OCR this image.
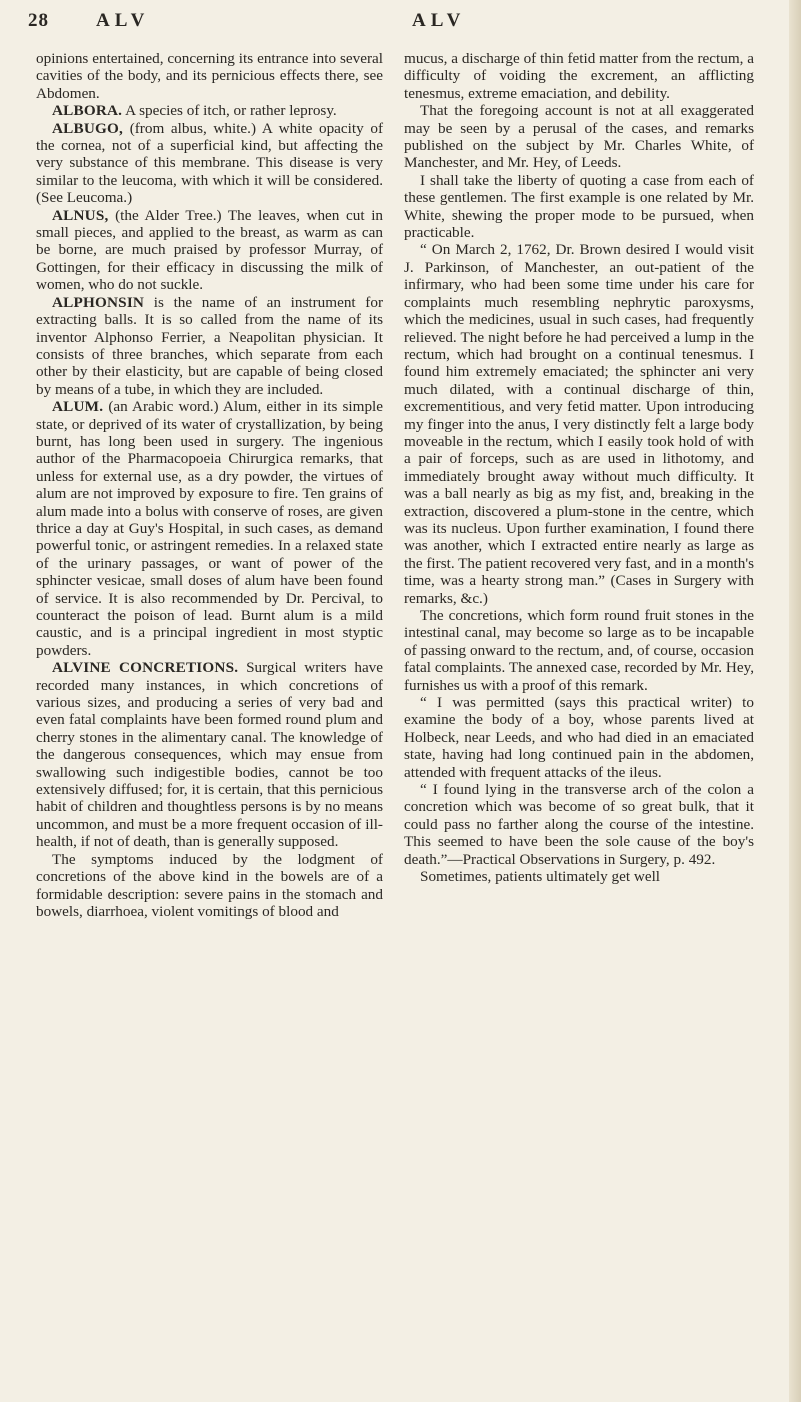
28 ALV	ALV

opinions entertained, concerning its entrance into several cavities of the body, and its pernicious effects there, see Abdomen.

ALBORA. A species of itch, or rather leprosy.

ALBUGO, (from albus, white.) A white opacity of the cornea, not of a superficial kind, but affecting the very substance of this membrane. This disease is very similar to the leucoma, with which it will be considered. (See Leucoma.)

ALNUS, (the Alder Tree.) The leaves, when cut in small pieces, and applied to the breast, as warm as can be borne, are much praised by professor Murray, of Gottingen, for their efficacy in discussing the milk of women, who do not suckle.

ALPHONSIN is the name of an instrument for extracting balls. It is so called from the name of its inventor Alphonso Ferrier, a Neapolitan physician. It consists of three branches, which separate from each other by their elasticity, but are capable of being closed by means of a tube, in which they are included.

ALUM. (an Arabic word.) Alum, either in its simple state, or deprived of its water of crystallization, by being burnt, has long been used in surgery. The ingenious author of the Pharmacopoeia Chirurgica remarks, that unless for external use, as a dry powder, the virtues of alum are not improved by exposure to fire. Ten grains of alum made into a bolus with conserve of roses, are given thrice a day at Guy's Hospital, in such cases, as demand powerful tonic, or astringent remedies. In a relaxed state of the urinary passages, or want of power of the sphincter vesicae, small doses of alum have been found of service. It is also recommended by Dr. Percival, to counteract the poison of lead. Burnt alum is a mild caustic, and is a principal ingredient in most styptic powders.

ALVINE CONCRETIONS. Surgical writers have recorded many instances, in which concretions of various sizes, and producing a series of very bad and even fatal complaints have been formed round plum and cherry stones in the alimentary canal. The knowledge of the dangerous consequences, which may ensue from swallowing such indigestible bodies, cannot be too extensively diffused; for, it is certain, that this pernicious habit of children and thoughtless persons is by no means uncommon, and must be a more frequent occasion of ill-health, if not of death, than is generally supposed.

The symptoms induced by the lodgment of concretions of the above kind in the bowels are of a formidable description: severe pains in the stomach and bowels, diarrhoea, violent vomitings of blood and

mucus, a discharge of thin fetid matter from the rectum, a difficulty of voiding the excrement, an afflicting tenesmus, extreme emaciation, and debility.

That the foregoing account is not at all exaggerated may be seen by a perusal of the cases, and remarks published on the subject by Mr. Charles White, of Manchester, and Mr. Hey, of Leeds.

I shall take the liberty of quoting a case from each of these gentlemen. The first example is one related by Mr. White, shewing the proper mode to be pursued, when practicable.

“ On March 2, 1762, Dr. Brown desired I would visit J. Parkinson, of Manchester, an out-patient of the infirmary, who had been some time under his care for complaints much resembling nephrytic paroxysms, which the medicines, usual in such cases, had frequently relieved. The night before he had perceived a lump in the rectum, which had brought on a continual tenesmus. I found him extremely emaciated; the sphincter ani very much dilated, with a continual discharge of thin, excrementitious, and very fetid matter. Upon introducing my finger into the anus, I very distinctly felt a large body moveable in the rectum, which I easily took hold of with a pair of forceps, such as are used in lithotomy, and immediately brought away without much difficulty. It was a ball nearly as big as my fist, and, breaking in the extraction, discovered a plum-stone in the centre, which was its nucleus. Upon further examination, I found there was another, which I extracted entire nearly as large as the first. The patient recovered very fast, and in a month's time, was a hearty strong man.” (Cases in Surgery with remarks, &c.)

The concretions, which form round fruit stones in the intestinal canal, may become so large as to be incapable of passing onward to the rectum, and, of course, occasion fatal complaints. The annexed case, recorded by Mr. Hey, furnishes us with a proof of this remark.

“ I was permitted (says this practical writer) to examine the body of a boy, whose parents lived at Holbeck, near Leeds, and who had died in an emaciated state, having had long continued pain in the abdomen, attended with frequent attacks of the ileus.

“ I found lying in the transverse arch of the colon a concretion which was become of so great bulk, that it could pass no farther along the course of the intestine. This seemed to have been the sole cause of the boy's death.”—Practical Observations in Surgery, p. 492.

Sometimes, patients ultimately get well
